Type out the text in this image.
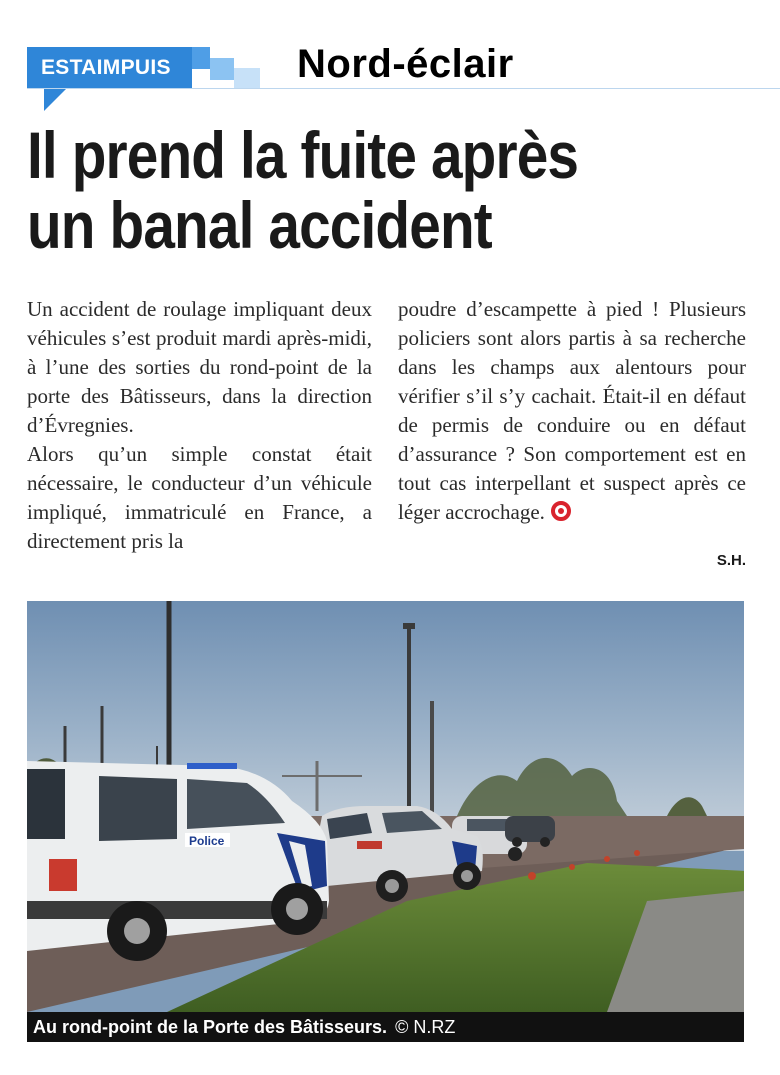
ESTAIMPUIS	Nord-éclair
Il prend la fuite après
un banal accident

Un accident de roulage impliquant deux véhicules s’est produit mardi après-midi, à l’une des sorties du rond-point de la porte des Bâtisseurs, dans la direction d’Évregnies.

Alors qu’un simple constat était nécessaire, le conducteur d’un véhicule impliqué, immatriculé en France, a directement pris la

poudre d’escampette à pied ! Plusieurs policiers sont alors partis à sa recherche dans les champs aux alentours pour vérifier s’il s’y cachait. Était-il en défaut de permis de conduire ou en défaut d’assurance ? Son comportement est en tout cas interpellant et suspect après ce léger accrochage.

S.H.
Police
Au rond-point de la Porte des Bâtisseurs. © N.RZ
